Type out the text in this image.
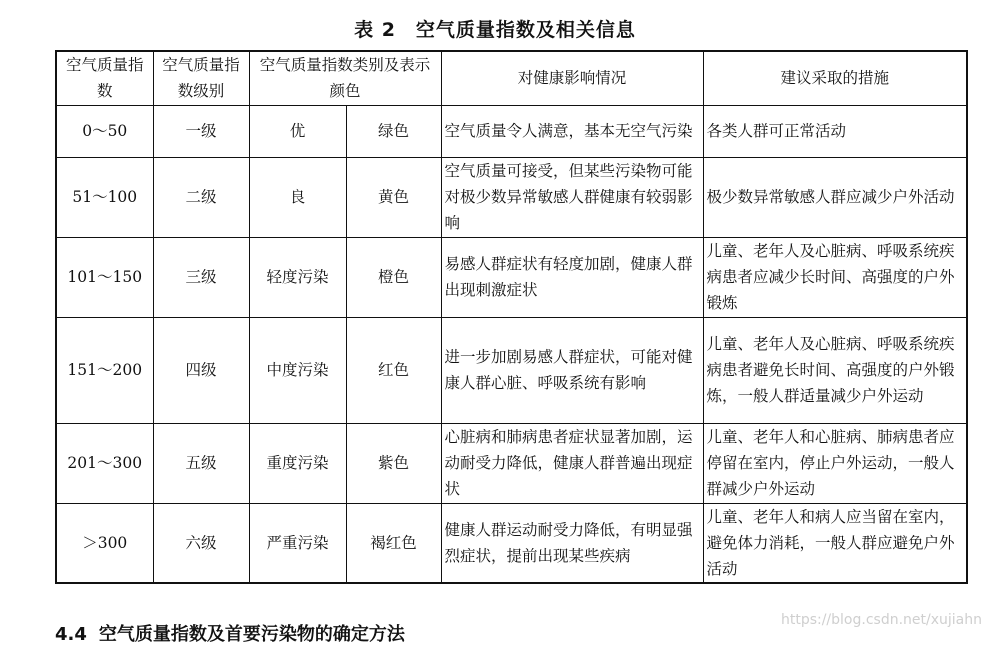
表 2　空气质量指数及相关信息
空气质量指数	空气质量指数级别	空气质量指数类别及表示颜色		对健康影响情况	建议采取的措施
0～50	一级	优	绿色	空气质量令人满意，基本无空气污染	各类人群可正常活动
51～100	二级	良	黄色	空气质量可接受，但某些污染物可能对极少数异常敏感人群健康有较弱影响	极少数异常敏感人群应减少户外活动
101～150	三级	轻度污染	橙色	易感人群症状有轻度加剧，健康人群出现刺激症状	儿童、老年人及心脏病、呼吸系统疾病患者应减少长时间、高强度的户外锻炼
151～200	四级	中度污染	红色	进一步加剧易感人群症状，可能对健康人群心脏、呼吸系统有影响	儿童、老年人及心脏病、呼吸系统疾病患者避免长时间、高强度的户外锻炼，一般人群适量减少户外运动
201～300	五级	重度污染	紫色	心脏病和肺病患者症状显著加剧，运动耐受力降低，健康人群普遍出现症状	儿童、老年人和心脏病、肺病患者应停留在室内，停止户外运动，一般人群减少户外运动
＞300	六级	严重污染	褐红色	健康人群运动耐受力降低，有明显强烈症状，提前出现某些疾病	儿童、老年人和病人应当留在室内，避免体力消耗，一般人群应避免户外活动
4.4 空气质量指数及首要污染物的确定方法
https://blog.csdn.net/xujiahn
